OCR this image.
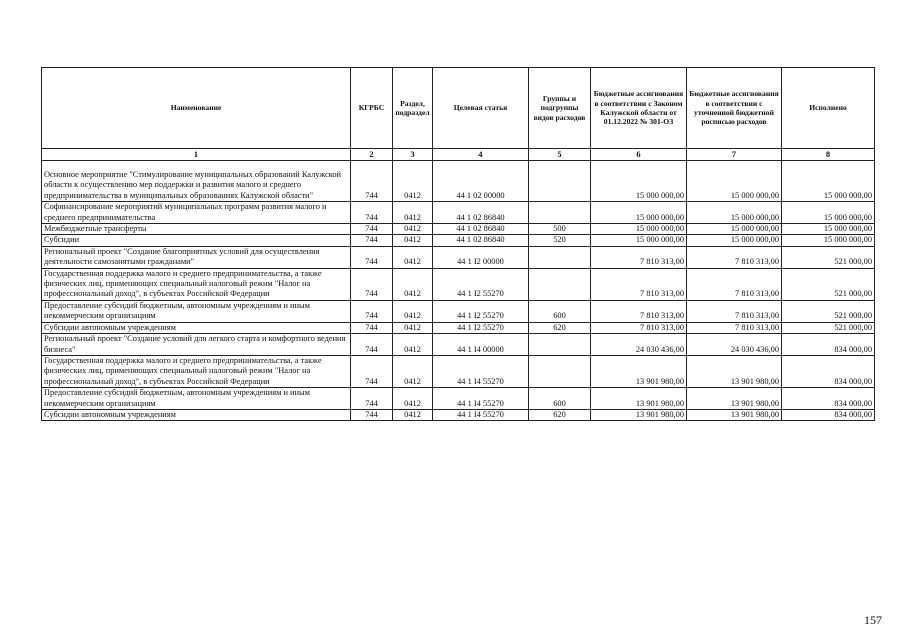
Наименование	КГРБС	Раздел, подраздел	Целевая статья	Группы и подгруппы видов расходов	Бюджетные ассигнования в соответствии с Законом Калужской области от 01.12.2022 № 301-ОЗ	Бюджетные ассигнования в соответствии с уточненной бюджетной росписью расходов	Исполнено
1	2	3	4	5	6	7	8
Основное мероприятие "Стимулирование муниципальных образований Калужской области к осуществлению мер поддержки и развития малого и среднего предпринимательства в муниципальных образованиях Калужской области"	744	0412	44 1 02 00000		15 000 000,00	15 000 000,00	15 000 000,00
Софинансирование мероприятий муниципальных программ развития малого и среднего предпринимательства	744	0412	44 1 02 86840		15 000 000,00	15 000 000,00	15 000 000,00
Межбюджетные трансферты	744	0412	44 1 02 86840	500	15 000 000,00	15 000 000,00	15 000 000,00
Субсидии	744	0412	44 1 02 86840	520	15 000 000,00	15 000 000,00	15 000 000,00
Региональный проект "Создание благоприятных условий для осуществления деятельности самозанятыми гражданами"	744	0412	44 1 I2 00000		7 810 313,00	7 810 313,00	521 000,00
Государственная поддержка малого и среднего предпринимательства, а также физических лиц, применяющих специальный налоговый режим "Налог на профессиональный доход", в субъектах Российской Федерации	744	0412	44 1 I2 55270		7 810 313,00	7 810 313,00	521 000,00
Предоставление субсидий бюджетным, автономным учреждениям и иным некоммерческим организациям	744	0412	44 1 I2 55270	600	7 810 313,00	7 810 313,00	521 000,00
Субсидии автономным учреждениям	744	0412	44 1 I2 55270	620	7 810 313,00	7 810 313,00	521 000,00
Региональный проект "Создание условий для легкого старта и комфортного ведения бизнеса"	744	0412	44 1 I4 00000		24 030 436,00	24 030 436,00	834 000,00
Государственная поддержка малого и среднего предпринимательства, а также физических лиц, применяющих специальный налоговый режим "Налог на профессиональный доход", в субъектах Российской Федерации	744	0412	44 1 I4 55270		13 901 980,00	13 901 980,00	834 000,00
Предоставление субсидий бюджетным, автономным учреждениям и иным некоммерческим организациям	744	0412	44 1 I4 55270	600	13 901 980,00	13 901 980,00	834 000,00
Субсидии автономным учреждениям	744	0412	44 1 I4 55270	620	13 901 980,00	13 901 980,00	834 000,00
157
